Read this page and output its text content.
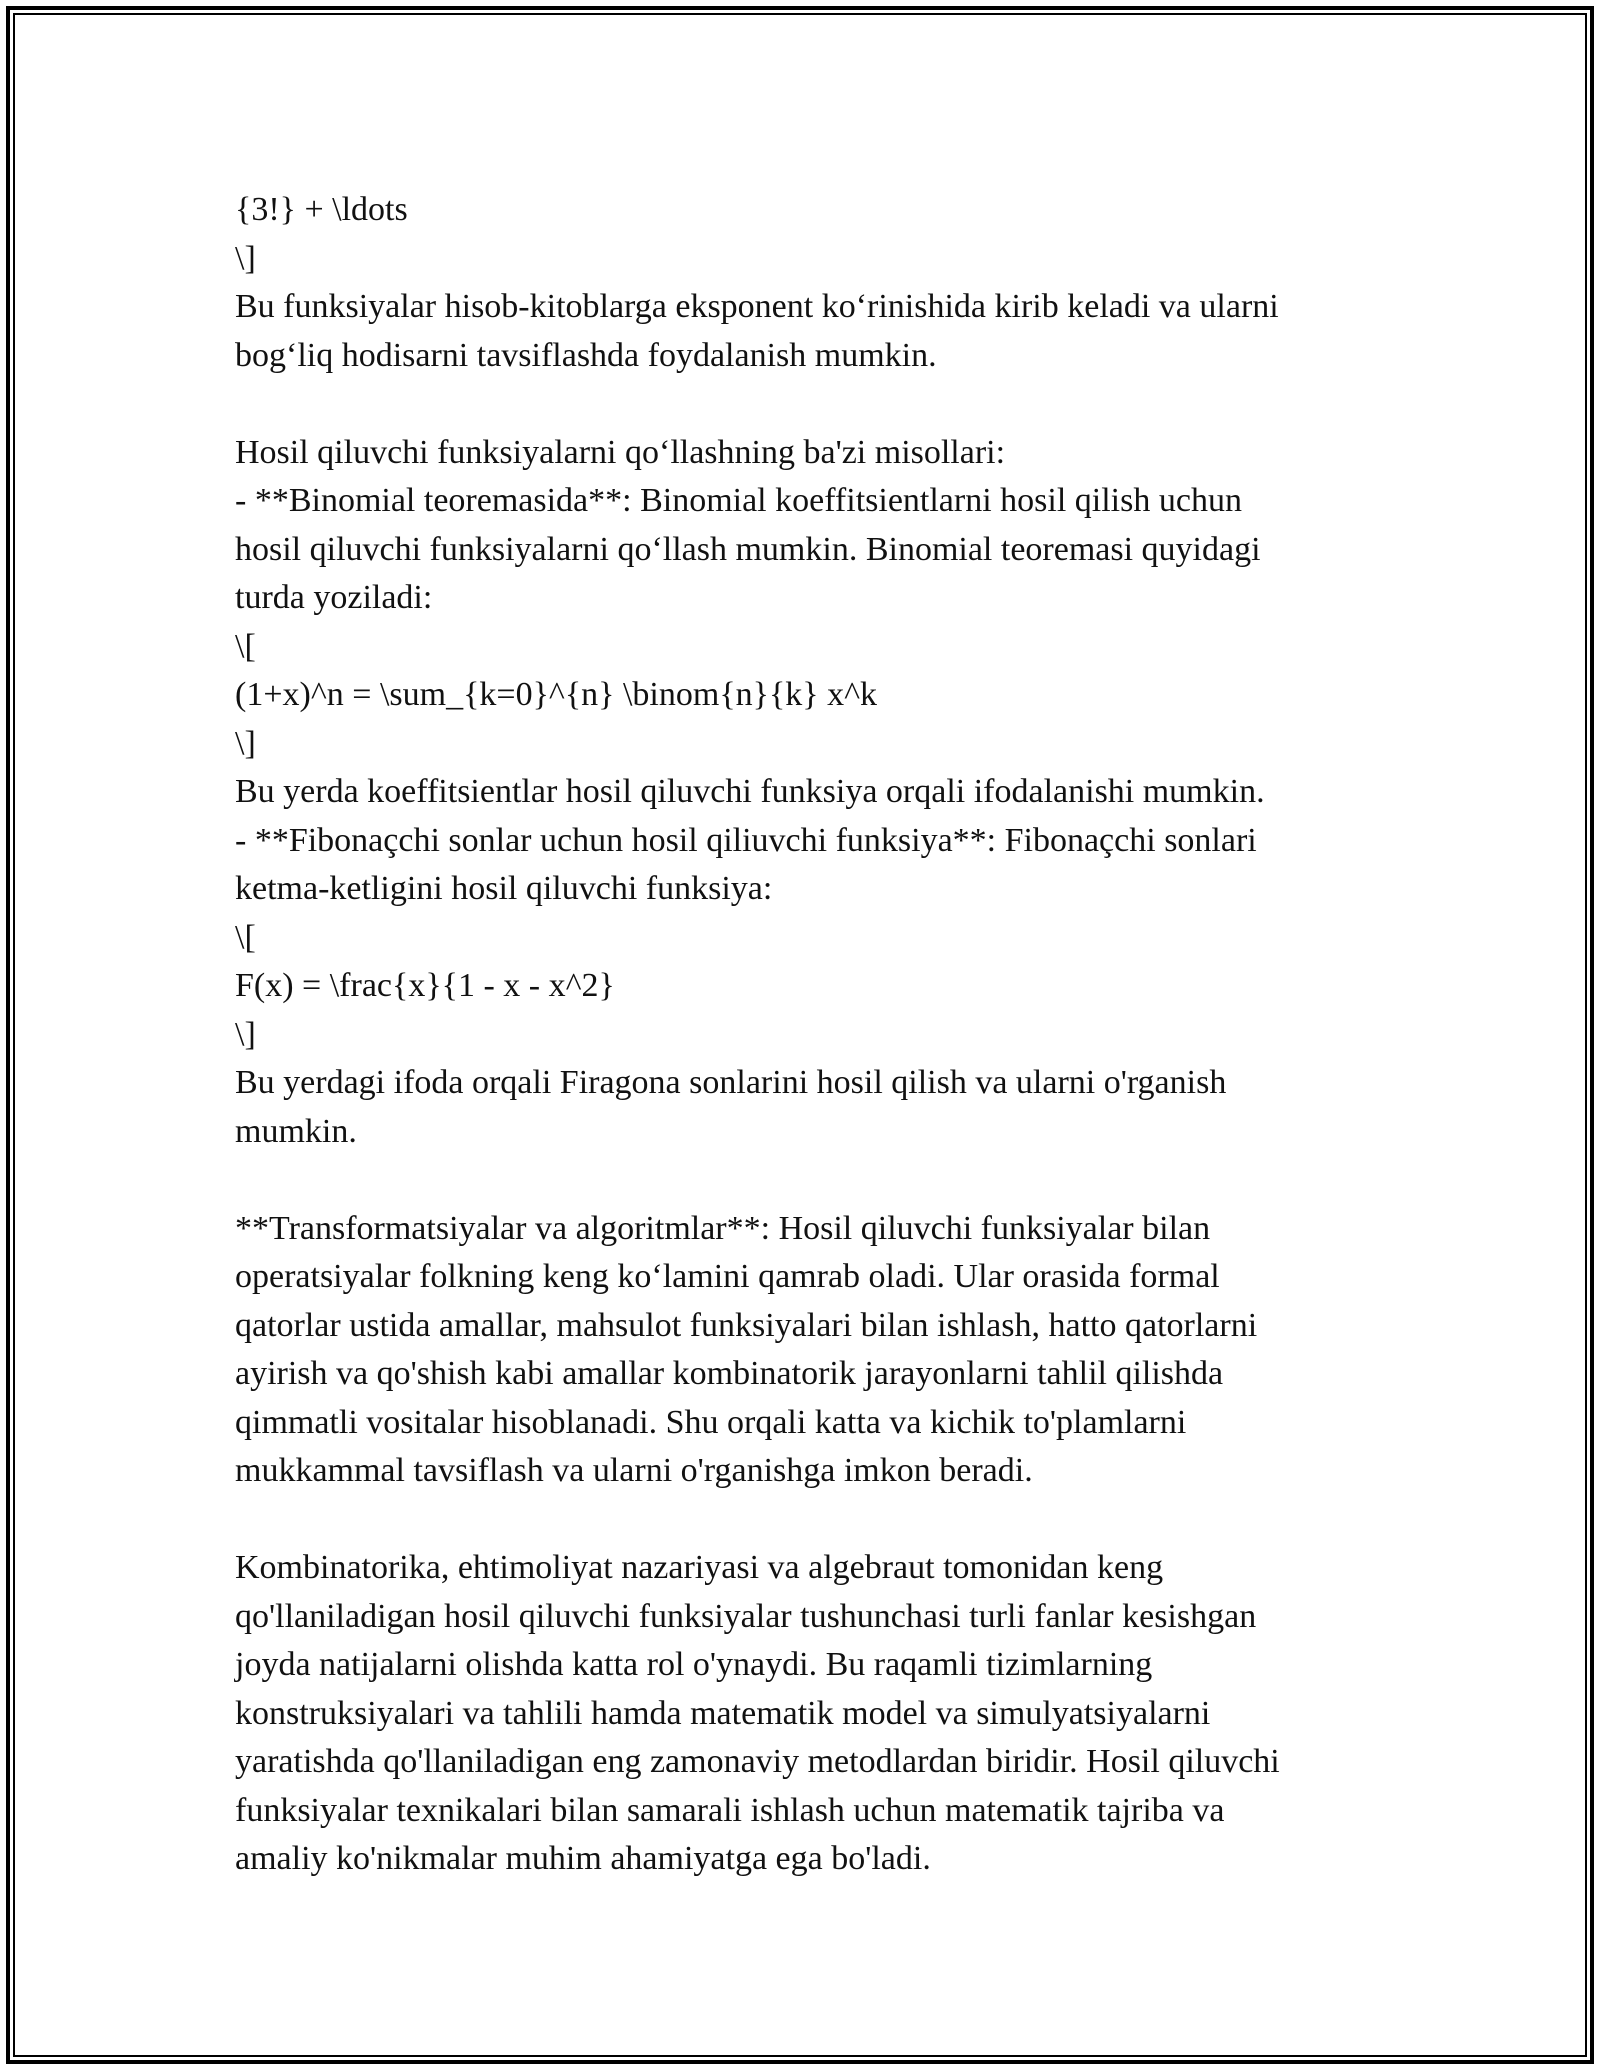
{3!} + \ldots

\]

Bu funksiyalar hisob-kitoblarga eksponent ko‘rinishida kirib keladi va ularni

bog‘liq hodisarni tavsiflashda foydalanish mumkin.

Hosil qiluvchi funksiyalarni qo‘llashning ba'zi misollari:

- **Binomial teoremasida**: Binomial koeffitsientlarni hosil qilish uchun

hosil qiluvchi funksiyalarni qo‘llash mumkin. Binomial teoremasi quyidagi

turda yoziladi:

\[

(1+x)^n = \sum_{k=0}^{n} \binom{n}{k} x^k

\]

Bu yerda koeffitsientlar hosil qiluvchi funksiya orqali ifodalanishi mumkin.

- **Fibonaçchi sonlar uchun hosil qiliuvchi funksiya**: Fibonaçchi sonlari

ketma-ketligini hosil qiluvchi funksiya:

\[

F(x) = \frac{x}{1 - x - x^2}

\]

Bu yerdagi ifoda orqali Firagona sonlarini hosil qilish va ularni o'rganish

mumkin.

**Transformatsiyalar va algoritmlar**: Hosil qiluvchi funksiyalar bilan

operatsiyalar folkning keng ko‘lamini qamrab oladi. Ular orasida formal

qatorlar ustida amallar, mahsulot funksiyalari bilan ishlash, hatto qatorlarni

ayirish va qo'shish kabi amallar kombinatorik jarayonlarni tahlil qilishda

qimmatli vositalar hisoblanadi. Shu orqali katta va kichik to'plamlarni

mukkammal tavsiflash va ularni o'rganishga imkon beradi.

Kombinatorika, ehtimoliyat nazariyasi va algebraut tomonidan keng

qo'llaniladigan hosil qiluvchi funksiyalar tushunchasi turli fanlar kesishgan

joyda natijalarni olishda katta rol o'ynaydi. Bu raqamli tizimlarning

konstruksiyalari va tahlili hamda matematik model va simulyatsiyalarni

yaratishda qo'llaniladigan eng zamonaviy metodlardan biridir. Hosil qiluvchi

funksiyalar texnikalari bilan samarali ishlash uchun matematik tajriba va

amaliy ko'nikmalar muhim ahamiyatga ega bo'ladi.
